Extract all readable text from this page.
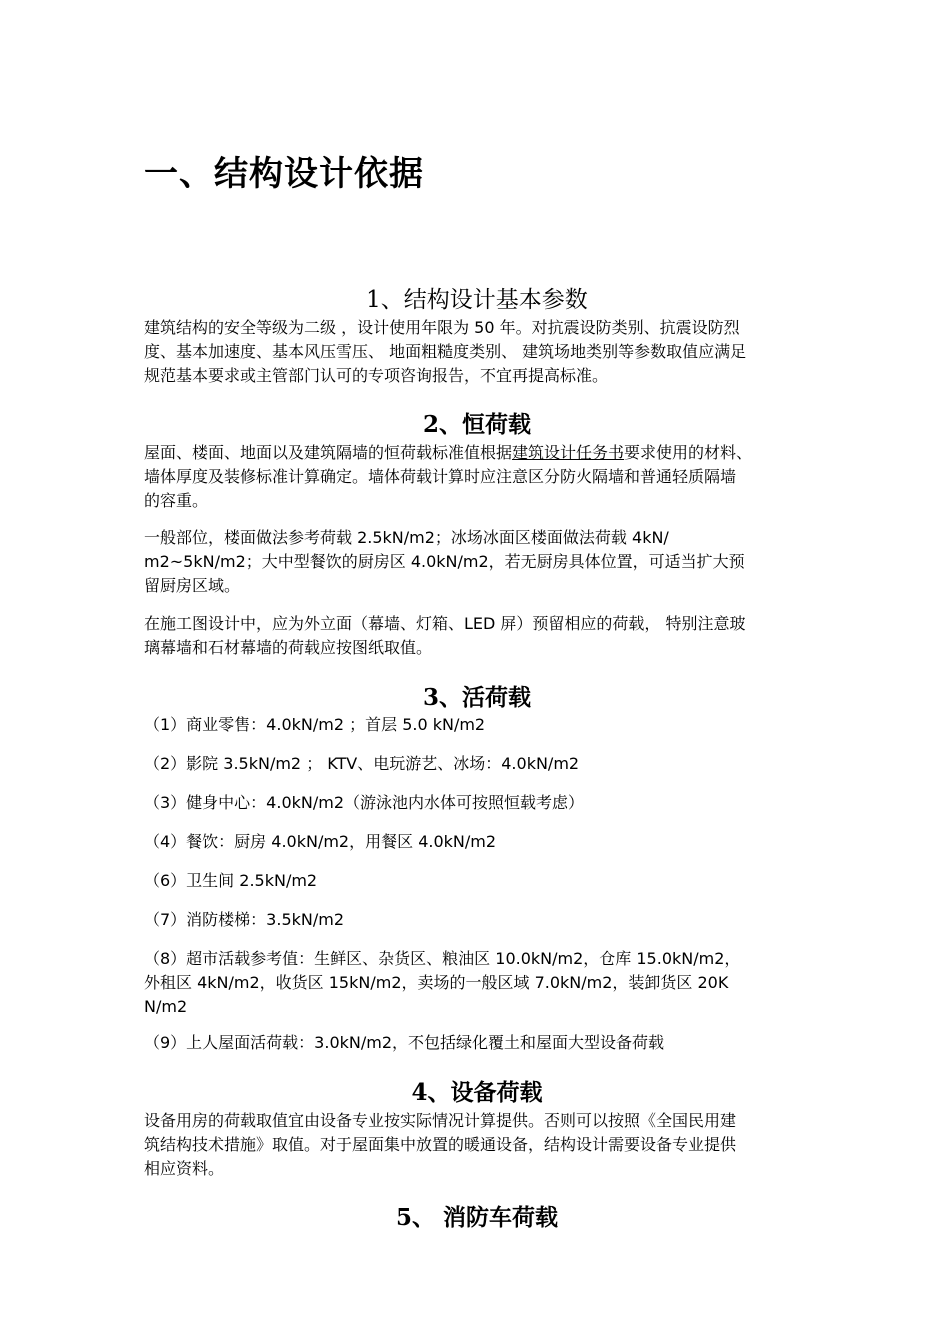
一、结构设计依据
1、结构设计基本参数
建筑结构的安全等级为二级 ，设计使用年限为 50 年。对抗震设防类别、抗震设防烈
度、基本加速度、基本风压雪压、 地面粗糙度类别、 建筑场地类别等参数取值应满足
规范基本要求或主管部门认可的专项咨询报告，不宜再提高标准。
2、恒荷载
屋面、楼面、地面以及建筑隔墙的恒荷载标准值根据建筑设计任务书要求使用的材料、
墙体厚度及装修标准计算确定。墙体荷载计算时应注意区分防火隔墙和普通轻质隔墙
的容重。
一般部位，楼面做法参考荷载 2.5kN/m2；冰场冰面区楼面做法荷载 4kN/
m2~5kN/m2；大中型餐饮的厨房区 4.0kN/m2，若无厨房具体位置，可适当扩大预
留厨房区域。
在施工图设计中，应为外立面（幕墙、灯箱、LED 屏）预留相应的荷载， 特别注意玻
璃幕墙和石材幕墙的荷载应按图纸取值。
3、活荷载
（1）商业零售：4.0kN/m2 ；首层 5.0 kN/m2
（2）影院 3.5kN/m2 ； KTV、电玩游艺、冰场：4.0kN/m2
（3）健身中心：4.0kN/m2（游泳池内水体可按照恒载考虑）
（4）餐饮：厨房 4.0kN/m2，用餐区 4.0kN/m2
（6）卫生间 2.5kN/m2
（7）消防楼梯：3.5kN/m2
（8）超市活载参考值：生鲜区、杂货区、粮油区 10.0kN/m2，仓库 15.0kN/m2，
外租区 4kN/m2，收货区 15kN/m2，卖场的一般区域 7.0kN/m2，装卸货区 20K
N/m2
（9）上人屋面活荷载：3.0kN/m2，不包括绿化覆土和屋面大型设备荷载
4、设备荷载
设备用房的荷载取值宜由设备专业按实际情况计算提供。否则可以按照《全国民用建
筑结构技术措施》取值。对于屋面集中放置的暖通设备，结构设计需要设备专业提供
相应资料。
5、 消防车荷载
